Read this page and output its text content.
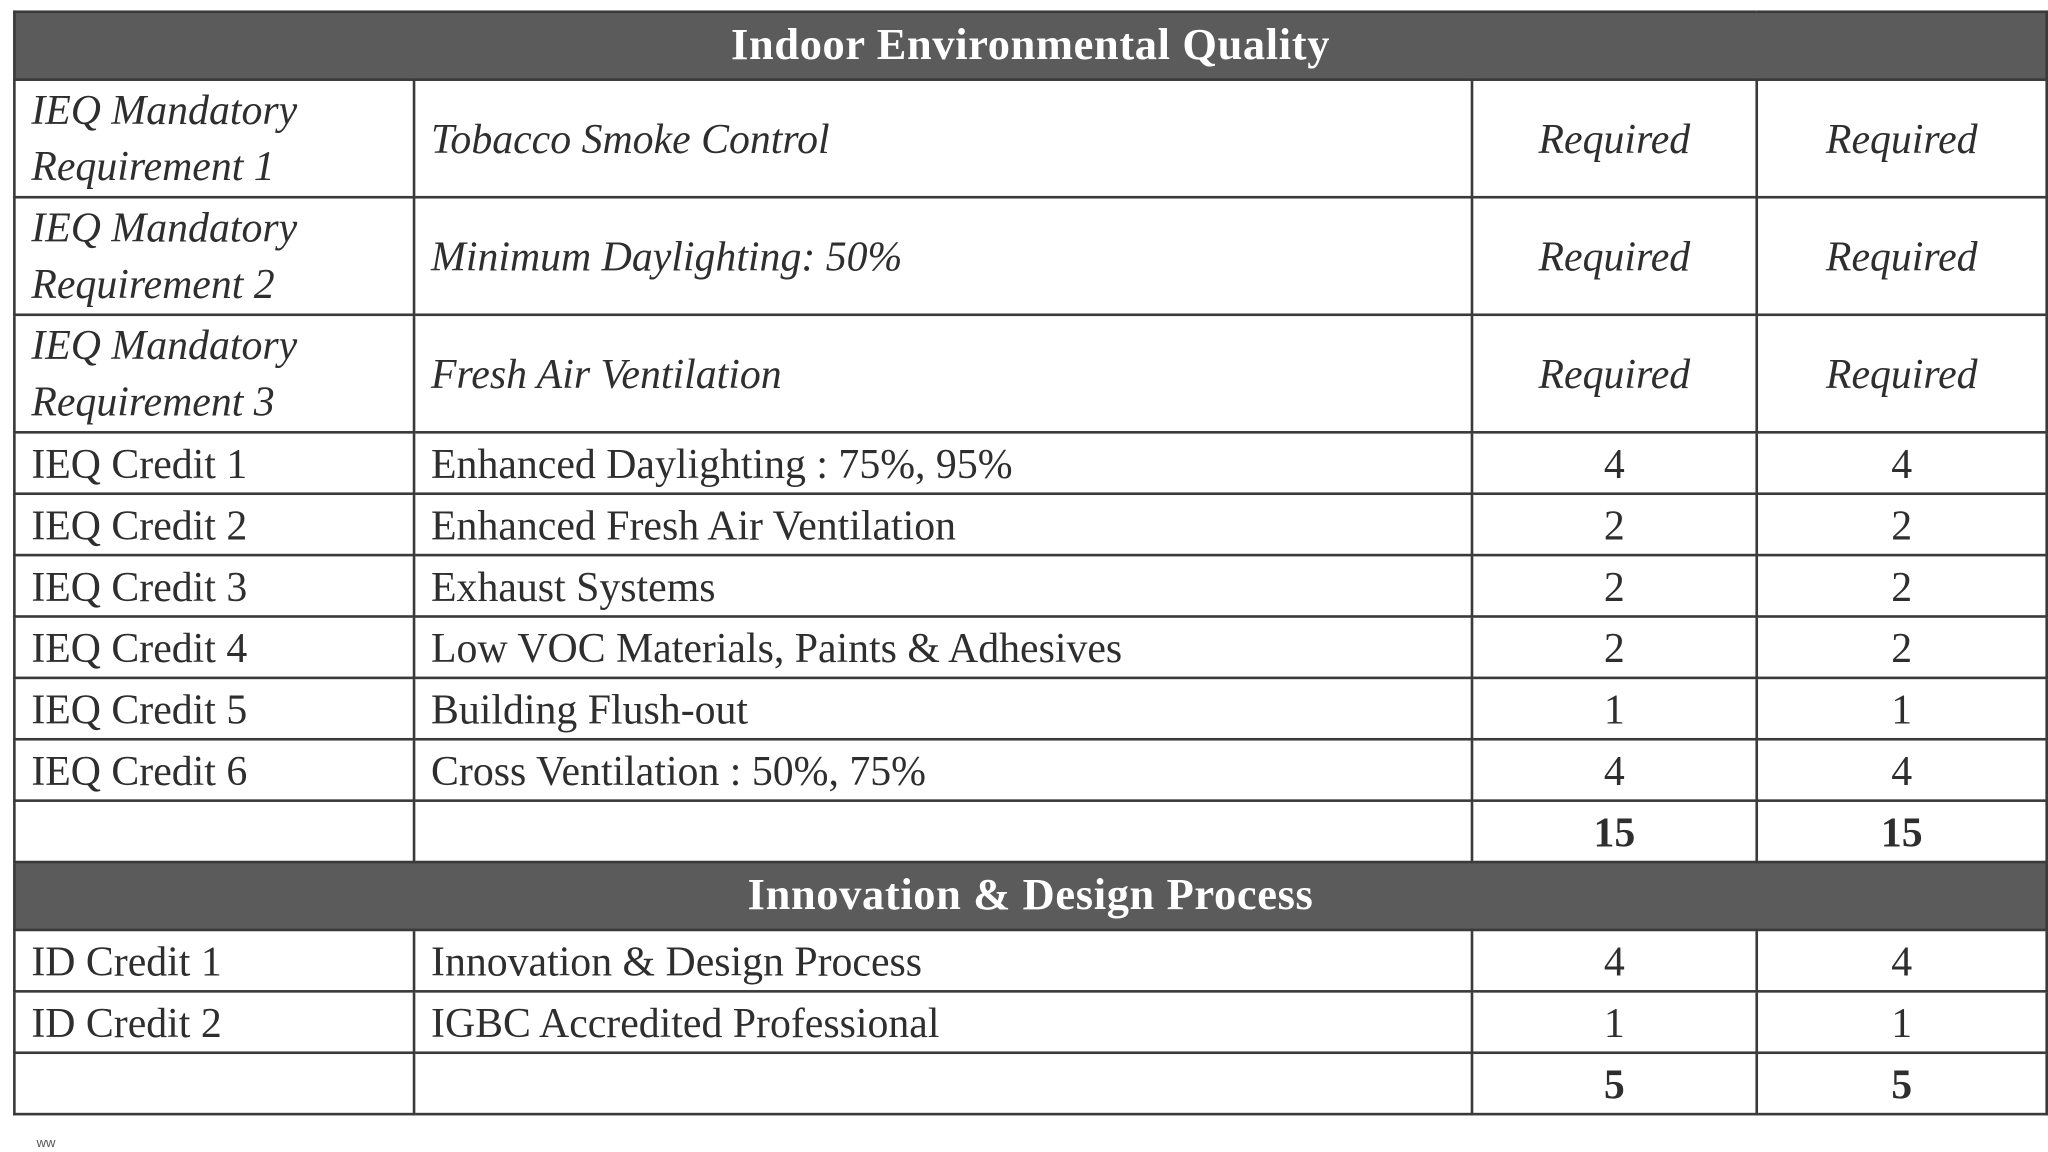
Indoor Environmental Quality			
IEQ Mandatory Requirement 1	Tobacco Smoke Control	Required	Required
IEQ Mandatory Requirement 2	Minimum Daylighting: 50%	Required	Required
IEQ Mandatory Requirement 3	Fresh Air Ventilation	Required	Required
IEQ Credit 1	Enhanced Daylighting : 75%, 95%	4	4
IEQ Credit 2	Enhanced Fresh Air Ventilation	2	2
IEQ Credit 3	Exhaust Systems	2	2
IEQ Credit 4	Low VOC Materials, Paints & Adhesives	2	2
IEQ Credit 5	Building Flush-out	1	1
IEQ Credit 6	Cross Ventilation : 50%, 75%	4	4
		15	15
Innovation & Design Process			
ID Credit 1	Innovation & Design Process	4	4
ID Credit 2	IGBC Accredited Professional	1	1
		5	5
ww
